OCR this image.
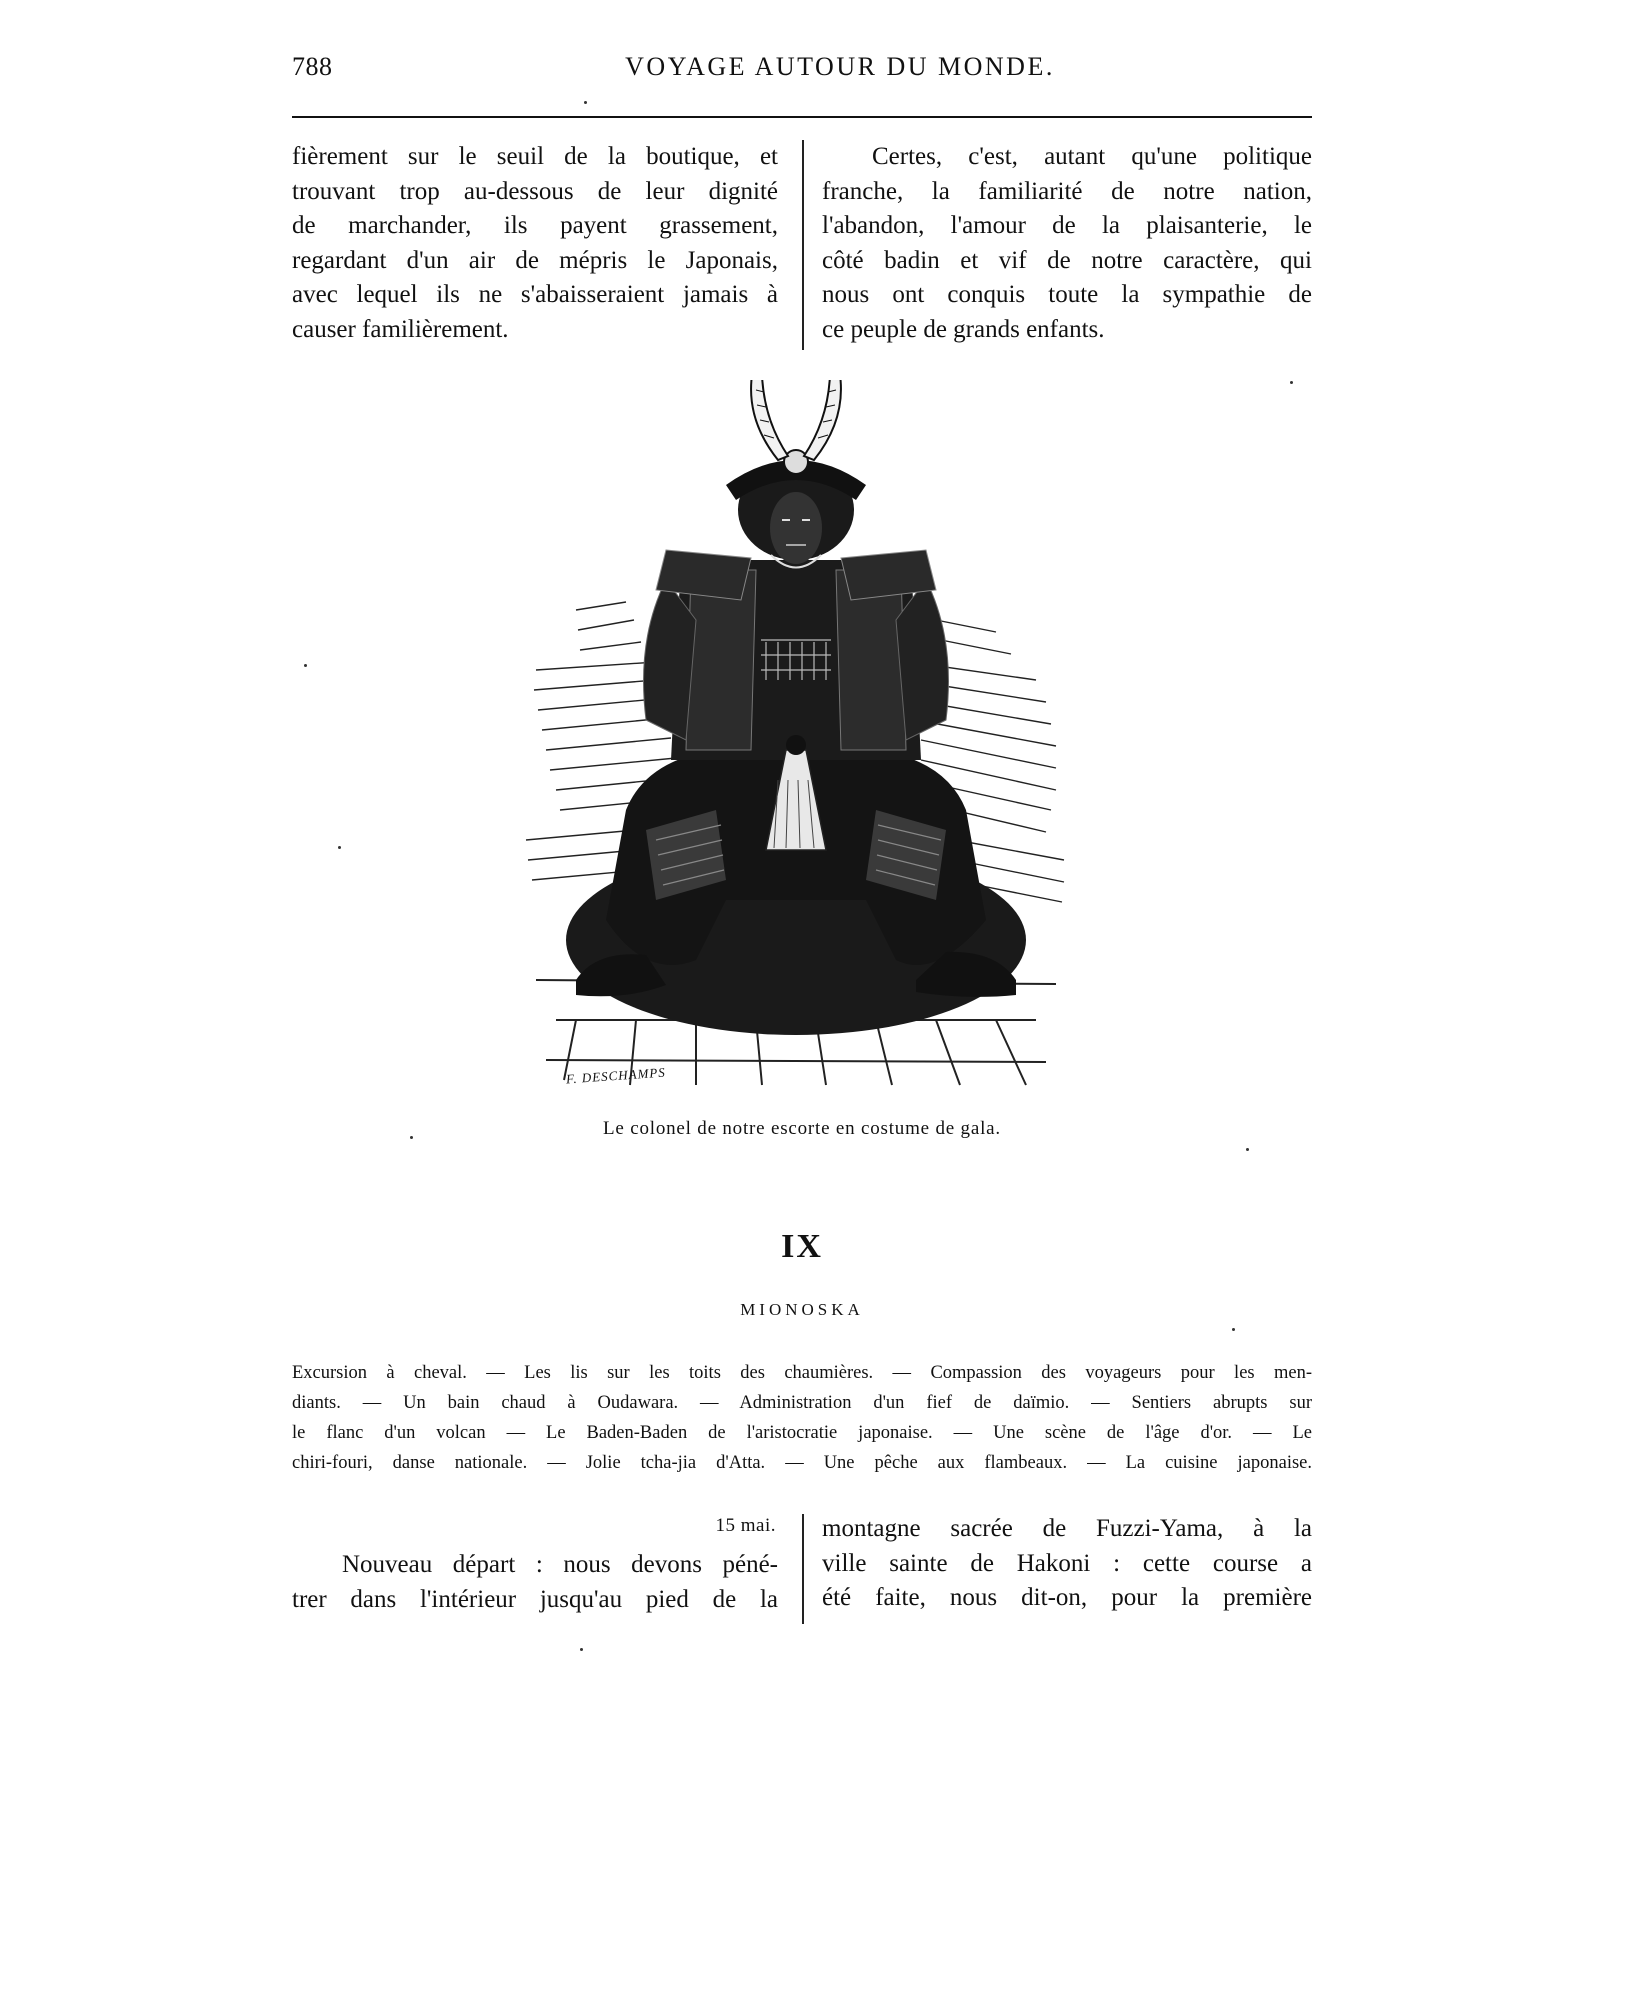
788	VOYAGE AUTOUR DU MONDE.
fièrement sur le seuil de la boutique, et
trouvant trop au-dessous de leur dignité
de marchander, ils payent grassement,
regardant d'un air de mépris le Japonais,
avec lequel ils ne s'abaisseraient jamais à
causer familièrement.
Certes, c'est, autant qu'une politique
franche, la familiarité de notre nation,
l'abandon, l'amour de la plaisanterie, le
côté badin et vif de notre caractère, qui
nous ont conquis toute la sympathie de
ce peuple de grands enfants.
F. DESCHAMPS
Le colonel de notre escorte en costume de gala.
IX
MIONOSKA
Excursion à cheval. — Les lis sur les toits des chaumières. — Compassion des voyageurs pour les men-
diants. — Un bain chaud à Oudawara. — Administration d'un fief de daïmio. — Sentiers abrupts sur
le flanc d'un volcan — Le Baden-Baden de l'aristocratie japonaise. — Une scène de l'âge d'or. — Le
chiri-fouri, danse nationale. — Jolie tcha-jia d'Atta. — Une pêche aux flambeaux. — La cuisine japonaise.
15 mai.
Nouveau départ : nous devons péné-
trer dans l'intérieur jusqu'au pied de la
montagne sacrée de Fuzzi-Yama, à la
ville sainte de Hakoni : cette course a
été faite, nous dit-on, pour la première
